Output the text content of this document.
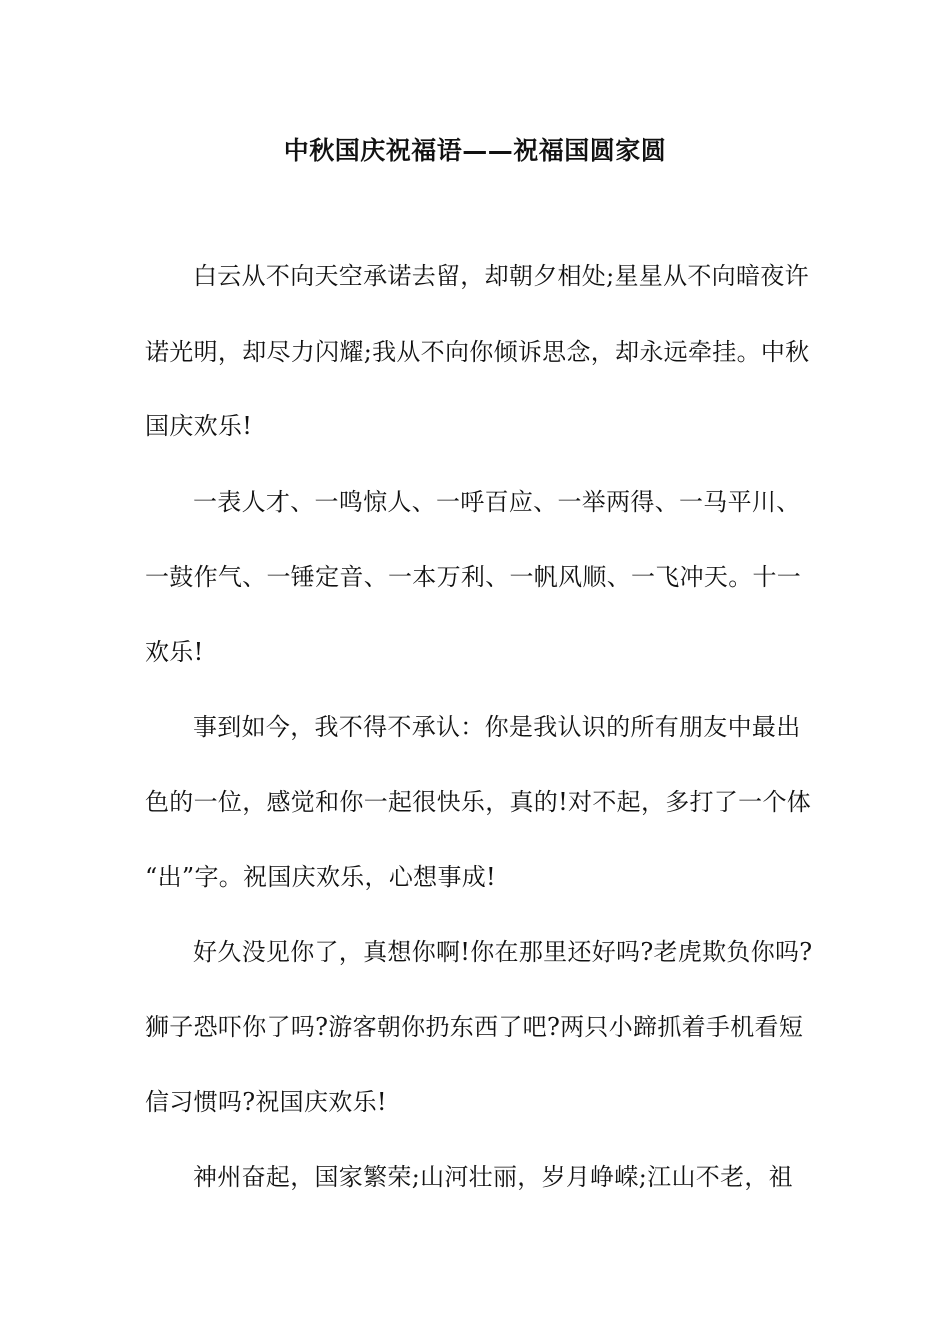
中秋国庆祝福语——祝福国圆家圆

白云从不向天空承诺去留，却朝夕相处;星星从不向暗夜许

诺光明，却尽力闪耀;我从不向你倾诉思念，却永远牵挂。中秋

国庆欢乐!

一表人才、一鸣惊人、一呼百应、一举两得、一马平川、

一鼓作气、一锤定音、一本万利、一帆风顺、一飞冲天。十一

欢乐!

事到如今，我不得不承认：你是我认识的所有朋友中最出

色的一位，感觉和你一起很快乐，真的!对不起，多打了一个体

“出”字。祝国庆欢乐，心想事成!

好久没见你了，真想你啊!你在那里还好吗?老虎欺负你吗?

狮子恐吓你了吗?游客朝你扔东西了吧?两只小蹄抓着手机看短

信习惯吗?祝国庆欢乐!

神州奋起，国家繁荣;山河壮丽，岁月峥嵘;江山不老，祖
